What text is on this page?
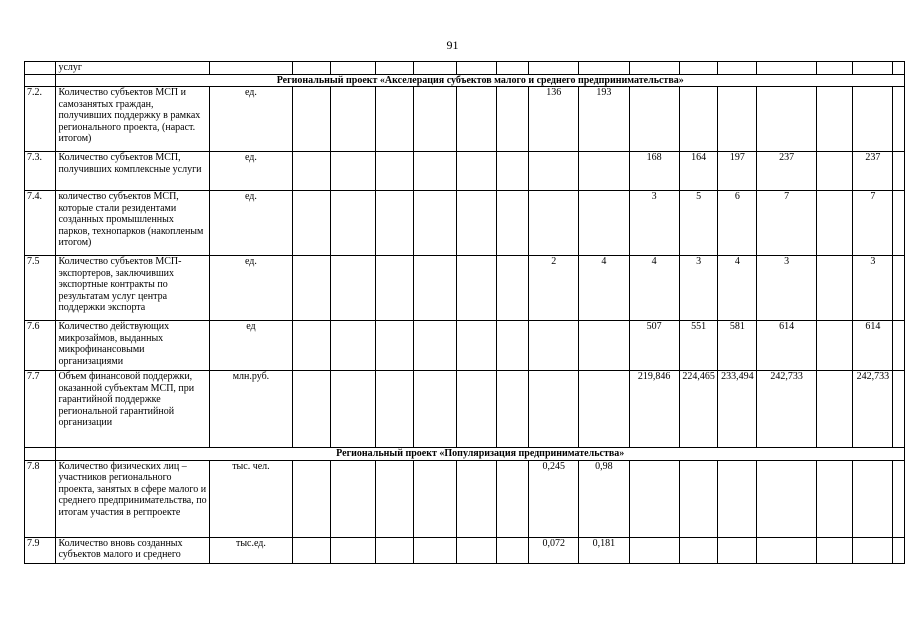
91
	услуг																
	Региональный проект «Акселерация субъектов малого и среднего предпринимательства»																
7.2.	Количество субъектов МСП и самозанятых граждан, получивших поддержку в рамках регионального проекта, (нараст. итогом)	ед.							136	193							
7.3.	Количество субъектов МСП, получивших комплексные услуги	ед.									168	164	197	237		237	
7.4.	количество субъектов МСП, которые стали резидентами созданных промышленных парков, технопарков (накопленым итогом)	ед.									3	5	6	7		7	
7.5	Количество субъектов МСП-экспортеров, заключивших экспортные контракты по результатам услуг центра поддержки экспорта	ед.							2	4	4	3	4	3		3	
7.6	Количество действующих микрозаймов, выданных микрофинансовыми организациями	ед									507	551	581	614		614	
7.7	Объем финансовой поддержки, оказанной субъектам МСП, при гарантийной поддержке региональной гарантийной организации	млн.руб.									219,846	224,465	233,494	242,733		242,733	
	Региональный проект «Популяризация предпринимательства»																
7.8	Количество физических лиц – участников регионального проекта, занятых в сфере малого и среднего предпринимательства, по итогам участия в регпроекте	тыс. чел.							0,245	0,98							
7.9	Количество вновь созданных субъектов малого и среднего	тыс.ед.							0,072	0,181							
